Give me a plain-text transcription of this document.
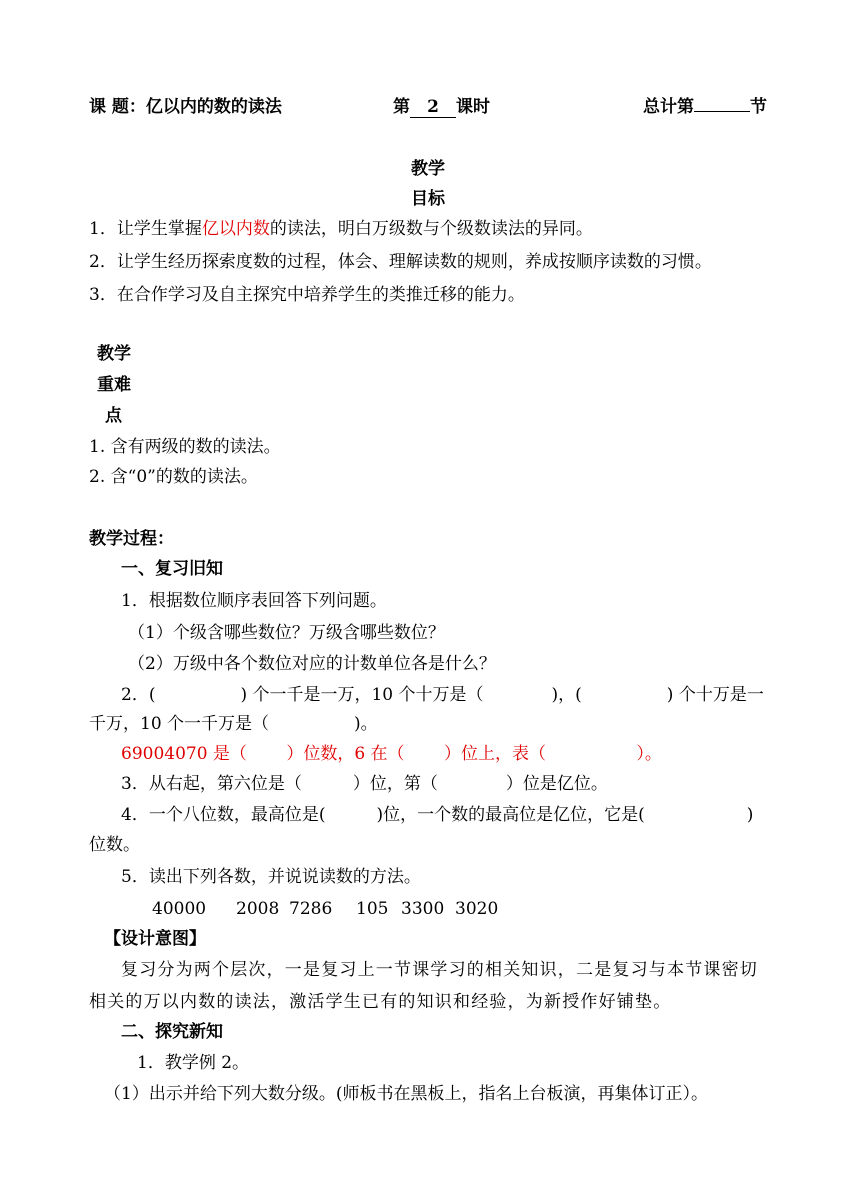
课 题：亿以内的数的读法	第 2 课时	总计第	节
教学
目标
1．让学生掌握亿以内数的读法，明白万级数与个级数读法的异同。
2．让学生经历探索度数的过程，体会、理解读数的规则，养成按顺序读数的习惯。
3．在合作学习及自主探究中培养学生的类推迁移的能力。
教学
重难
点
1. 含有两级的数的读法。
2. 含“0”的数的读法。
教学过程：
一、复习旧知
1．根据数位顺序表回答下列问题。
（1）个级含哪些数位？万级含哪些数位？
（2）万级中各个数位对应的计数单位各是什么？
2．(　　　　　) 个一千是一万，10 个十万是（　　　　)，(　　　　　) 个十万是一
千万，10 个一千万是（　　　　　)。
69004070 是（　　 ）位数，6 在（　　 ）位上，表（　　　　　 ）。
3．从右起，第六位是（　　　）位，第（　　　　）位是亿位。
4．一个八位数，最高位是(　　　)位，一个数的最高位是亿位，它是(　　　　　　)
位数。
5．读出下列各数，并说说读数的方法。
40000 2008 7286 105 3300 3020
【设计意图】
复习分为两个层次，一是复习上一节课学习的相关知识，二是复习与本节课密切
相关的万以内数的读法，激活学生已有的知识和经验，为新授作好铺垫。
二、探究新知
1．教学例 2。
（1）出示并给下列大数分级。(师板书在黑板上，指名上台板演，再集体订正）。
